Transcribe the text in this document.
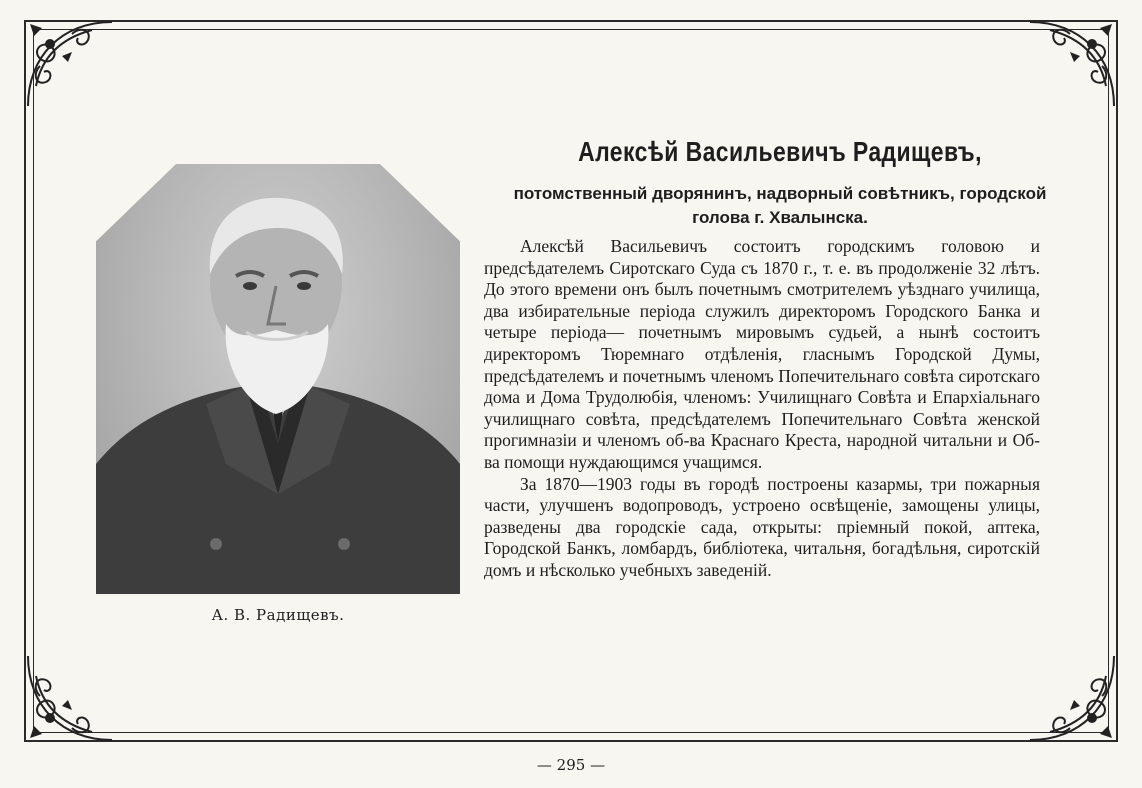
А. В. Радищевъ.
Алексѣй Васильевичъ Радищевъ,
потомственный дворянинъ, надворный совѣтникъ, городской
голова г. Хвалынска.

Алексѣй Васильевичъ состоитъ городскимъ головою и предсѣдателемъ Сиротскаго Суда съ 1870 г., т. е. въ продолженіе 32 лѣтъ. До этого времени онъ былъ почетнымъ смотрителемъ уѣзднаго училища, два избирательные періода служилъ директоромъ Городского Банка и четыре періода— почетнымъ мировымъ судьей, а нынѣ состоитъ директоромъ Тюремнаго отдѣленія, гласнымъ Городской Думы, предсѣдателемъ и почетнымъ членомъ Попечительнаго совѣта сиротскаго дома и Дома Трудолюбія, членомъ: Училищнаго Совѣта и Епархіальнаго училищнаго совѣта, предсѣдателемъ Попечительнаго Совѣта женской прогимназіи и членомъ об-ва Краснаго Креста, народной читальни и Об-ва помощи нуждающимся учащимся.

За 1870—1903 годы въ городѣ построены казармы, три пожарныя части, улучшенъ водопроводъ, устроено освѣщеніе, замощены улицы, разведены два городскіе сада, открыты: пріемный покой, аптека, Городской Банкъ, ломбардъ, библіотека, читальня, богадѣльня, сиротскій домъ и нѣсколько учебныхъ заведеній.

— 295 —
